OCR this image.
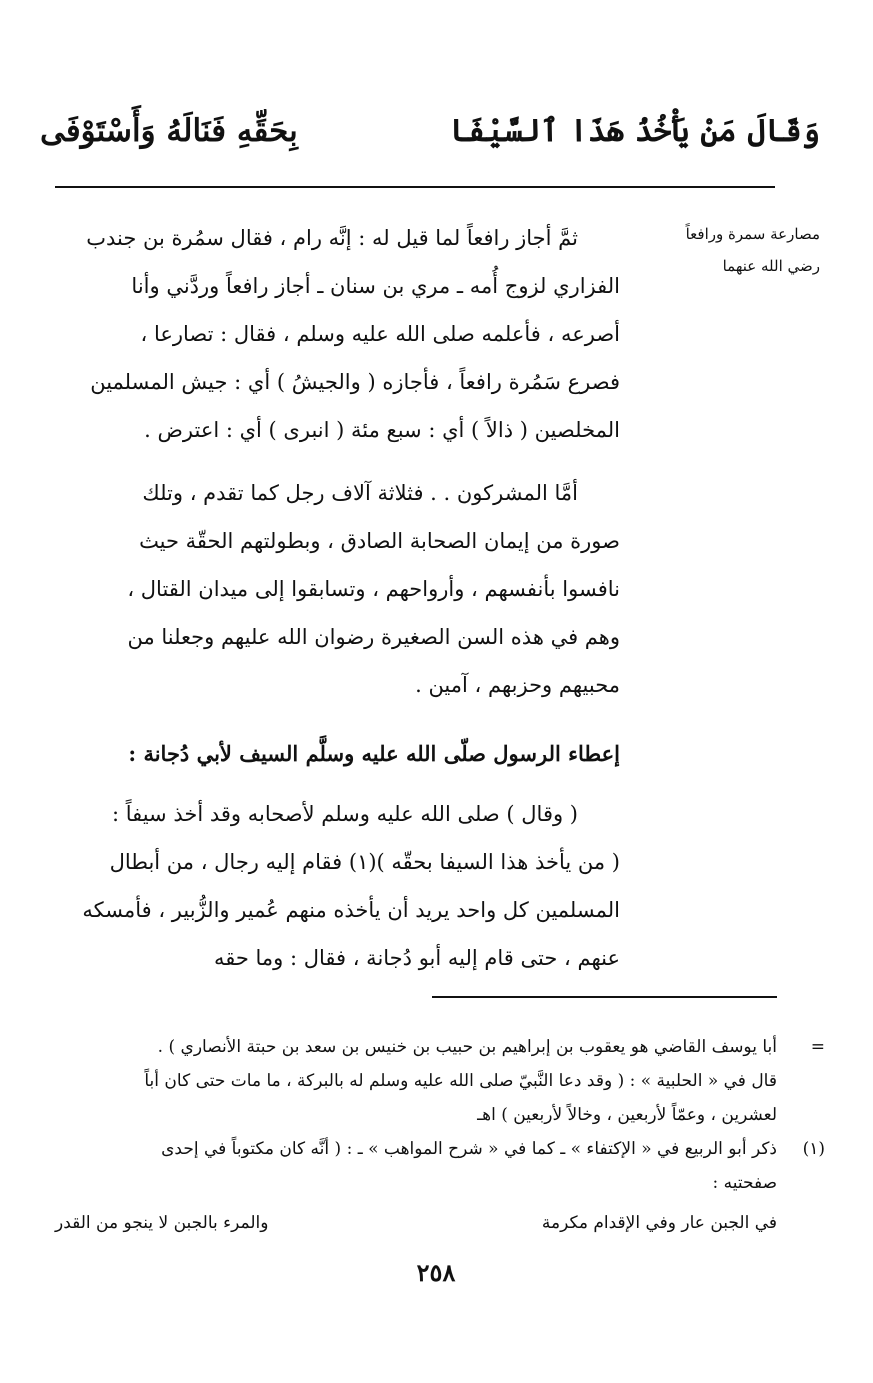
وَقَالَ مَنْ يَأْخُذُ هَذَا ٱلسَّيْفَا
بِحَقِّهِ فَنَالَهُ وَأَسْتَوْفَى
مصارعة سمرة ورافعاً
رضي الله عنهما
ثمَّ أجاز رافعاً لما قيل له : إنَّه رام ، فقال سمُرة بن جندب
الفزاري لزوج أُمه ـ مري بن سنان ـ أجاز رافعاً وردَّني وأنا
أصرعه ، فأعلمه صلى الله عليه وسلم ، فقال : تصارعا ،
فصرع سَمُرة رافعاً ، فأجازه ( والجيشُ ) أي : جيش المسلمين
المخلصين ( ذالاً ) أي : سبع مئة ( انبرى ) أي : اعترض .
أمَّا المشركون . . فثلاثة آلاف رجل كما تقدم ، وتلك
صورة من إيمان الصحابة الصادق ، وبطولتهم الحقّة حيث
نافسوا بأنفسهم ، وأرواحهم ، وتسابقوا إلى ميدان القتال ،
وهم في هذه السن الصغيرة رضوان الله عليهم وجعلنا من
محبيهم وحزبهم ، آمين .
إعطاء الرسول صلّى الله عليه وسلَّم السيف لأبي دُجانة :
( وقال ) صلى الله عليه وسلم لأصحابه وقد أخذ سيفاً :
( من يأخذ هذا السيفا بحقّه )(١) فقام إليه رجال ، من أبطال
المسلمين كل واحد يريد أن يأخذه منهم عُمير والزُّبير ، فأمسكه
عنهم ، حتى قام إليه أبو دُجانة ، فقال : وما حقه
=
أبا يوسف القاضي هو يعقوب بن إبراهيم بن حبيب بن خنيس بن سعد بن حبتة الأنصاري ) .
قال في « الحلبية » : ( وقد دعا النَّبيّ صلى الله عليه وسلم له بالبركة ، ما مات حتى كان أباً
لعشرين ، وعمّاً لأربعين ، وخالاً لأربعين ) اهـ
(١)
ذكر أبو الربيع في « الإكتفاء » ـ كما في « شرح المواهب » ـ : ( أنَّه كان مكتوباً في إحدى
صفحتيه :
في الجبن عار وفي الإقدام مكرمة
والمرء بالجبن لا ينجو من القدر
٢٥٨
